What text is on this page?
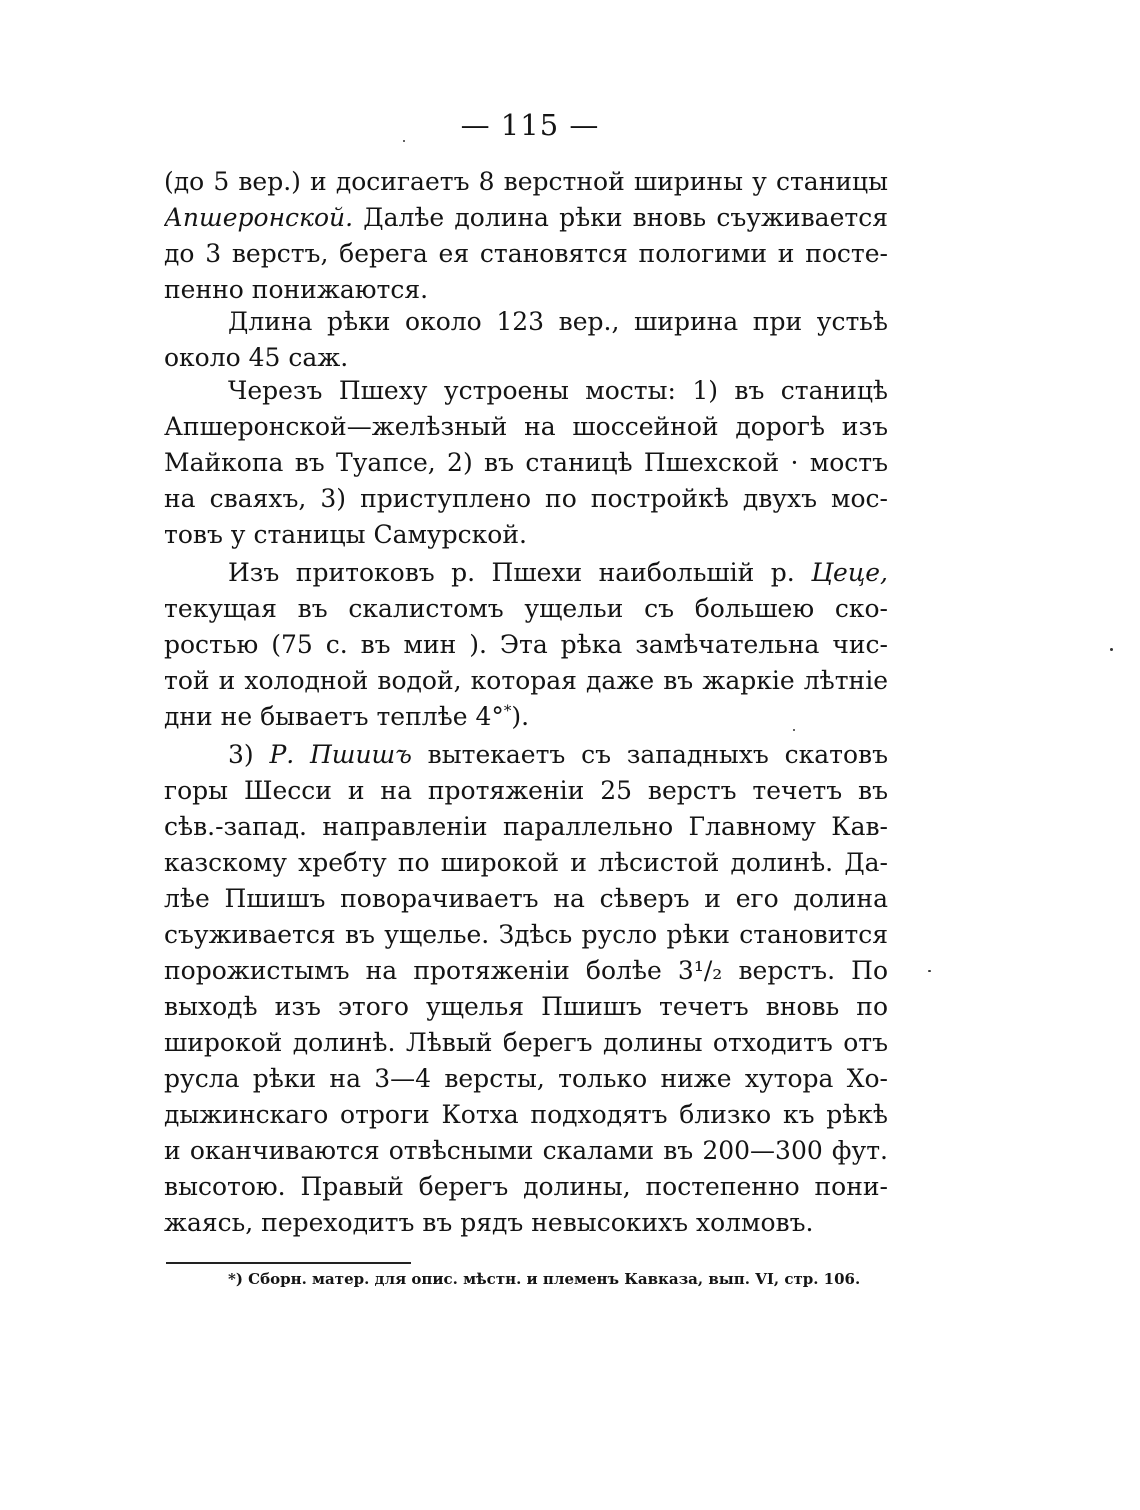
— 115 —
(до 5 вер.) и досигаетъ 8 верстной ширины у станицы
Апшеронской. Далѣе долина рѣки вновь съуживается
до 3 верстъ, берега ея становятся пологими и посте-
пенно понижаются.
Длина рѣки около 123 вер., ширина при устьѣ
около 45 саж.
Черезъ Пшеху устроены мосты: 1) въ станицѣ
Апшеронской—желѣзный на шоссейной дорогѣ изъ
Майкопа въ Туапсе, 2) въ станицѣ Пшехской · мостъ
на сваяхъ, 3) приступлено по постройкѣ двухъ мос-
товъ у станицы Самурской.
Изъ притоковъ р. Пшехи наибольшій р. Цеце,
текущая въ скалистомъ ущельи съ большею ско-
ростью (75 с. въ мин ). Эта рѣка замѣчательна чис-
той и холодной водой, которая даже въ жаркіе лѣтніе
дни не бываетъ теплѣе 4°*).
3) Р. Пшишъ вытекаетъ съ западныхъ скатовъ
горы Шесси и на протяженіи 25 верстъ течетъ въ
сѣв.-запад. направленіи параллельно Главному Кав-
казскому хребту по широкой и лѣсистой долинѣ. Да-
лѣе Пшишъ поворачиваетъ на сѣверъ и его долина
съуживается въ ущелье. Здѣсь русло рѣки становится
порожистымъ на протяженіи болѣе 3¹/₂ верстъ. По
выходѣ изъ этого ущелья Пшишъ течетъ вновь по
широкой долинѣ. Лѣвый берегъ долины отходитъ отъ
русла рѣки на 3—4 версты, только ниже хутора Хо-
дыжинскаго отроги Котха подходятъ близко къ рѣкѣ
и оканчиваются отвѣсными скалами въ 200—300 фут.
высотою. Правый берегъ долины, постепенно пони-
жаясь, переходитъ въ рядъ невысокихъ холмовъ.
*) Сборн. матер. для опис. мѣстн. и племенъ Кавказа, вып. VI, стр. 106.
